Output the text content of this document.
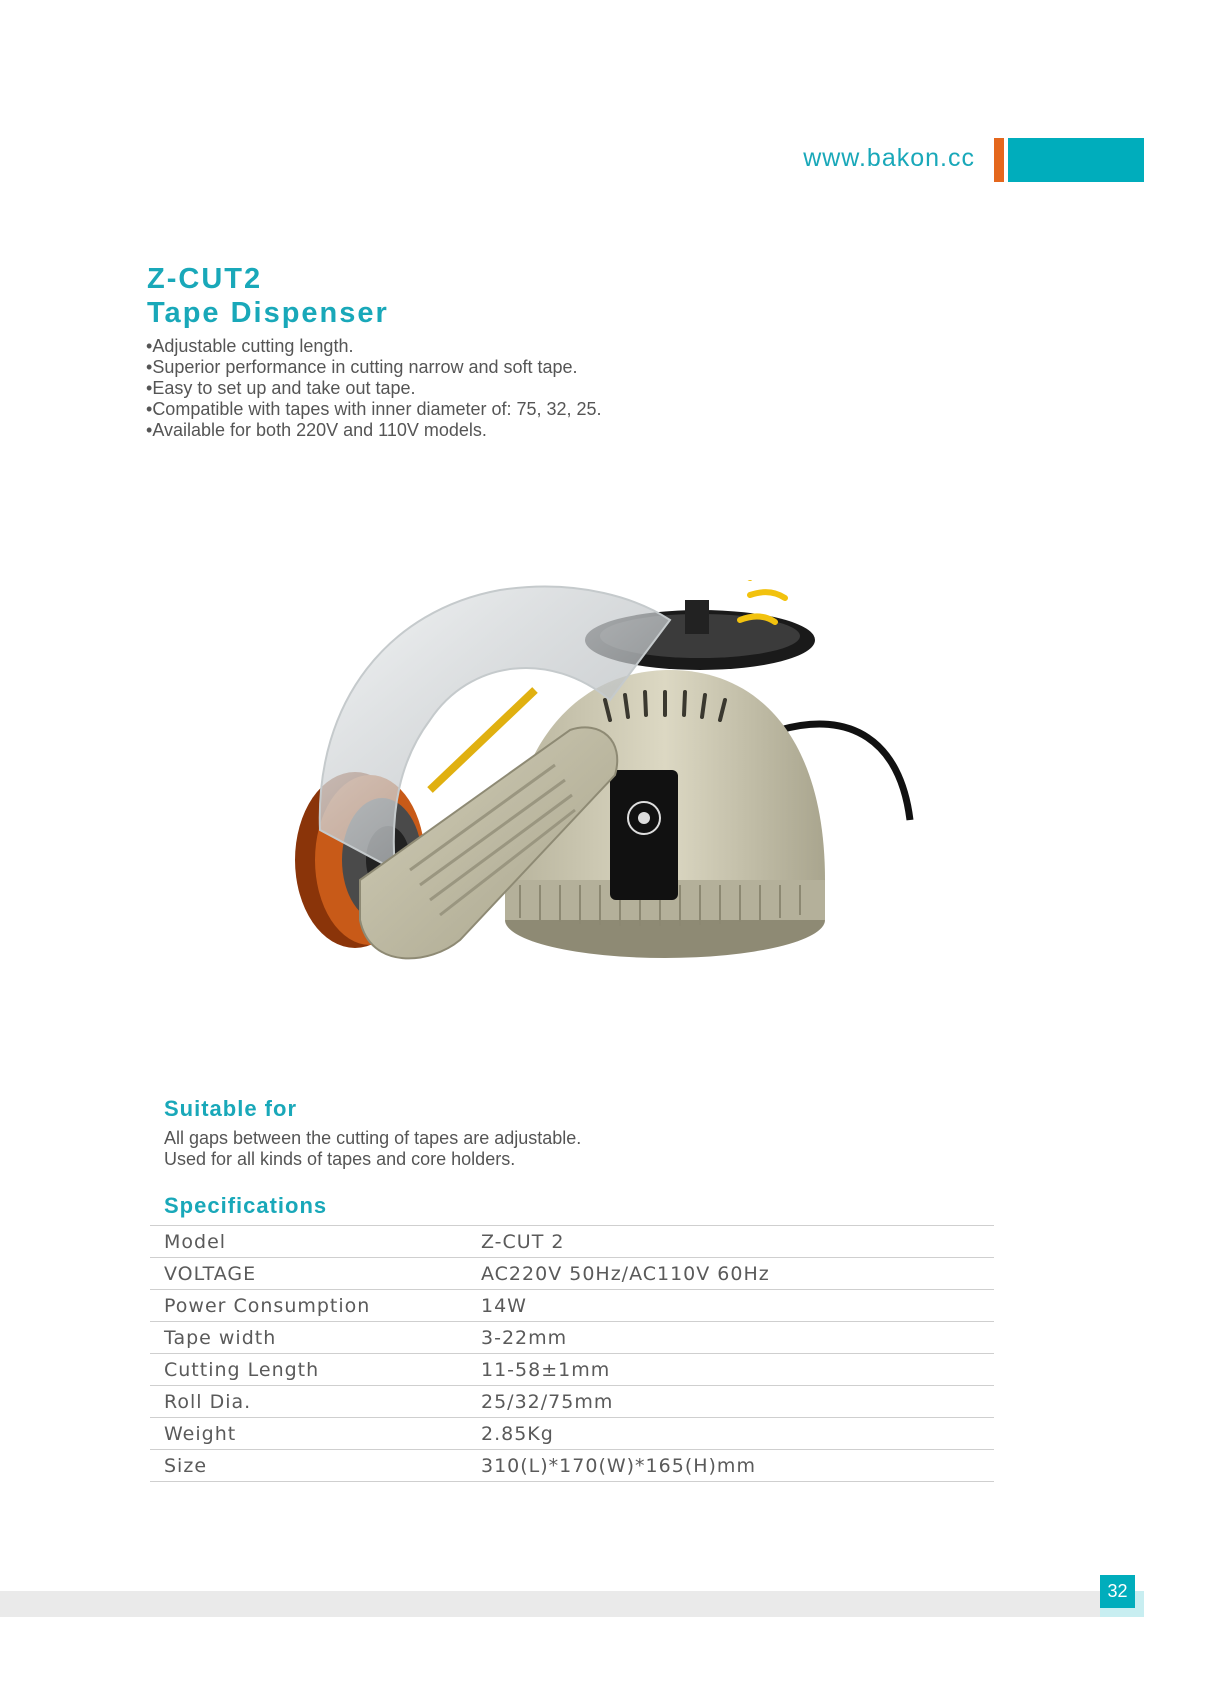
www.bakon.cc
Z-CUT2
Tape Dispenser
• Adjustable cutting length.
• Superior performance in cutting narrow and soft tape.
• Easy to set up and take out tape.
• Compatible with tapes with inner diameter of: 75, 32, 25.
• Available for both 220V and 110V models.
Suitable for
All gaps between the cutting of tapes are adjustable.
Used for all kinds of tapes and core holders.
Specifications
Model	Z-CUT 2
VOLTAGE	AC220V 50Hz/AC110V 60Hz
Power Consumption	14W
Tape width	3-22mm
Cutting Length	11-58±1mm
Roll Dia.	25/32/75mm
Weight	2.85Kg
Size	310(L)*170(W)*165(H)mm
32
